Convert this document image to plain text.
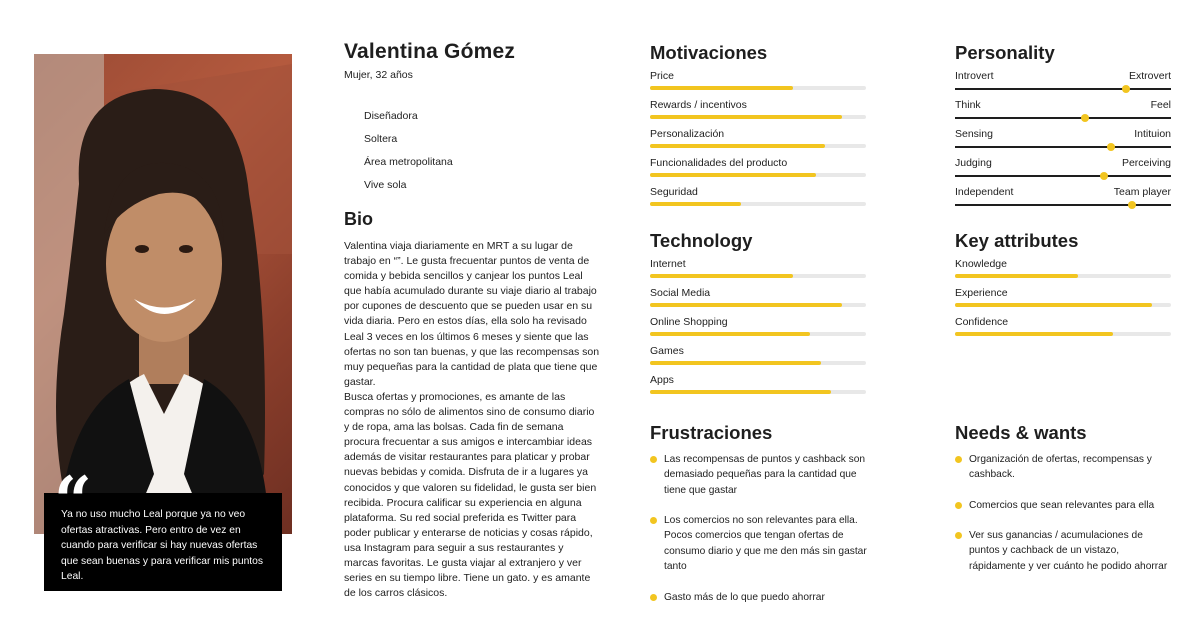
Ya no uso mucho Leal porque ya no veo ofertas atractivas. Pero entro de vez en cuando para verificar si hay nuevas ofertas que sean buenas y para verificar mis puntos Leal.
“
Valentina Gómez
Mujer, 32 años
Diseñadora
Soltera
Área metropolitana
Vive sola
Bio

Valentina viaja diariamente en MRT a su lugar de trabajo en “”. Le gusta frecuentar puntos de venta de comida y bebida sencillos y canjear los puntos Leal que había acumulado durante su viaje diario al trabajo por cupones de descuento que se pueden usar en su vida diaria. Pero en estos días, ella solo ha revisado Leal 3 veces en los últimos 6 meses y siente que las ofertas no son tan buenas, y que las recompensas son muy pequeñas para la cantidad de plata que tiene que gastar.

Busca ofertas y promociones, es amante de las compras no sólo de alimentos sino de consumo diario y de ropa, ama las bolsas. Cada fin de semana procura frecuentar a sus amigos e intercambiar ideas además de visitar restaurantes para platicar y probar nuevas bebidas y comida. Disfruta de ir a lugares ya conocidos y que valoren su fidelidad, le gusta ser bien recibida. Procura calificar su experiencia en alguna plataforma. Su red social preferida es Twitter para poder publicar y enterarse de noticias y cosas rápido, usa Instagram para seguir a sus restaurantes y marcas favoritas. Le gusta viajar al extranjero y ver series en su tiempo libre. Tiene un gato. y es amante de los carros clásicos.

Motivaciones
Price
Rewards / incentivos
Personalización
Funcionalidades del producto
Seguridad
Technology
Internet
Social Media
Online Shopping
Games
Apps
Personality
Introvert	Extrovert
Think	Feel
Sensing	Intituion
Judging	Perceiving
Independent	Team player
Key attributes
Knowledge
Experience
Confidence
Frustraciones
Las recompensas de puntos y cashback son demasiado pequeñas para la cantidad que tiene que gastar
Los comercios no son relevantes para ella. Pocos comercios que tengan ofertas de consumo diario y que me den más sin gastar tanto
Gasto más de lo que puedo ahorrar
Needs & wants
Organización de ofertas, recompensas y cashback.
Comercios que sean relevantes para ella
Ver sus ganancias / acumulaciones de puntos y cachback de un vistazo, rápidamente y ver cuánto he podido ahorrar
